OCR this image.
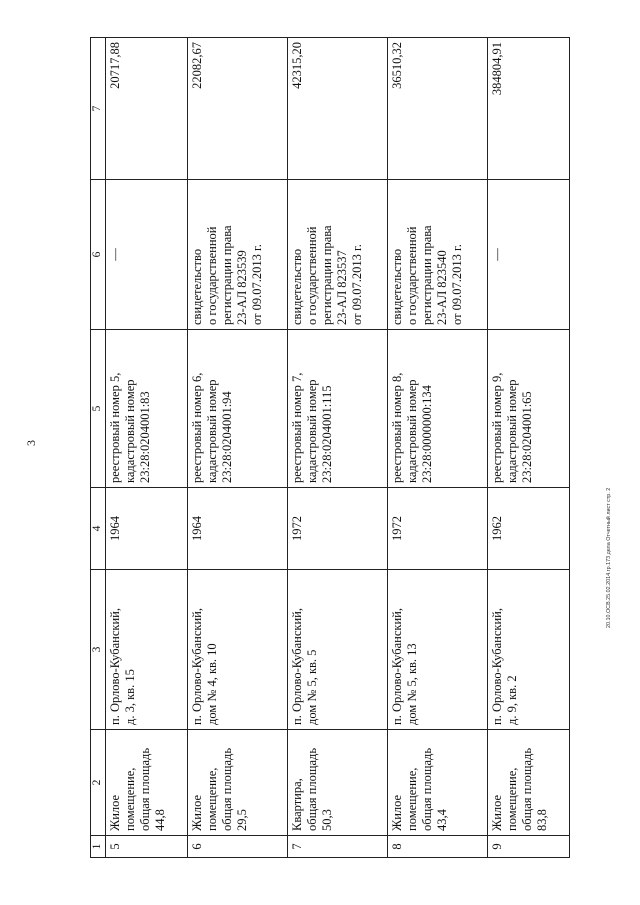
3
20.10.ОСВ.25.02.2014.гр.173 дела Отчетный лист стр. 2
1	2	3	4	5	6	7
5	Жилое помещение,
общая площадь 44,8	п. Орлово-Кубанский,
д. 3, кв. 15	1964	реестровый номер 5,
кадастровый номер
23:28:0204001:83	—	20717,88
6	Жилое помещение,
общая площадь 29,5	п. Орлово-Кубанский,
дом № 4, кв. 10	1964	реестровый номер 6,
кадастровый номер
23:28:0204001:94	свидетельство
о государственной
регистрации права
23-АЛ 823539
от 09.07.2013 г.	22082,67
7	Квартира,
общая площадь 50,3	п. Орлово-Кубанский,
дом № 5, кв. 5	1972	реестровый номер 7,
кадастровый номер
23:28:0204001:115	свидетельство
о государственной
регистрации права
23-АЛ 823537
от 09.07.2013 г.	42315,20
8	Жилое помещение,
общая площадь 43,4	п. Орлово-Кубанский,
дом № 5, кв. 13	1972	реестровый номер 8,
кадастровый номер
23:28:0000000:134	свидетельство
о государственной
регистрации права
23-АЛ 823540
от 09.07.2013 г.	36510,32
9	Жилое помещение,
общая площадь 83,8	п. Орлово-Кубанский,
д. 9, кв. 2	1962	реестровый номер 9,
кадастровый номер
23:28:0204001:65	—	384804,91
